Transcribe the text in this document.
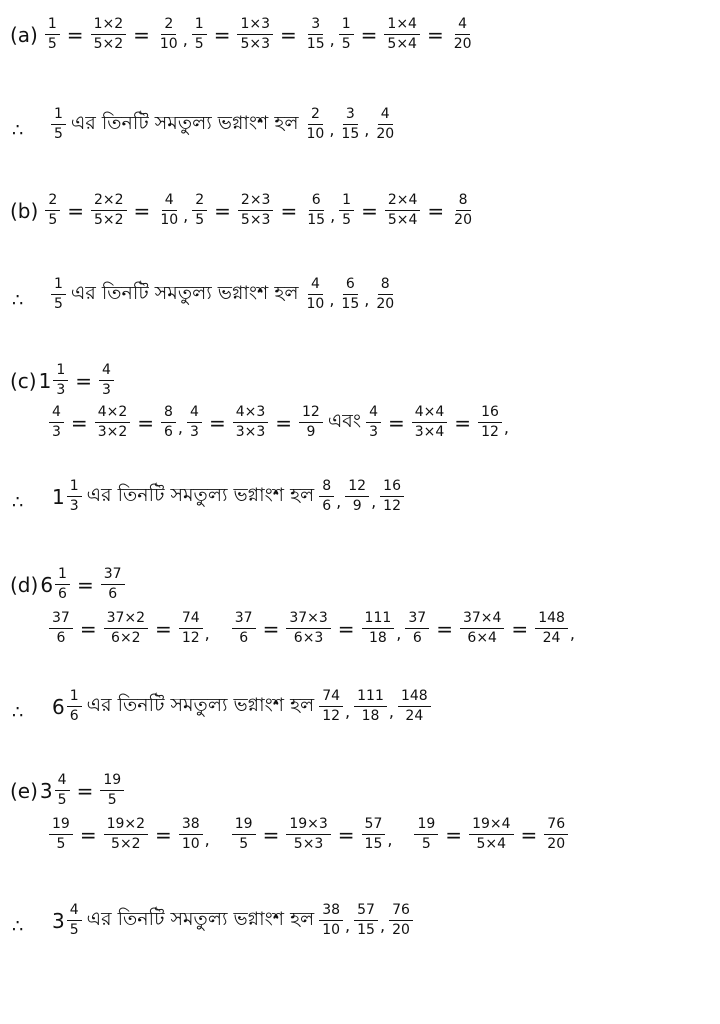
$(a) \frac{1}{5} = \frac{1\times 2}{5\times 2} = \frac{2}{10}$ , $\frac{1}{5} = \frac{1\times 3}{5\times 3} = \frac{3}{15}$ , $\frac{1}{5} = \frac{1\times 4}{5\times 4} = \frac{4}{20}$
∴ $\frac{1}{5}$ এর তিনটি সমতুল্য ভগ্নাংশ হল $\frac{2}{10}$ , $\frac{3}{15}$ , $\frac{4}{20}$
$(b) \frac{2}{5} = \frac{2\times 2}{5\times 2} = \frac{4}{10}$ , $\frac{2}{5} = \frac{2\times 3}{5\times 3} = \frac{6}{15}$ , $\frac{1}{5} = \frac{2\times 4}{5\times 4} = \frac{8}{20}$
∴ $\frac{1}{5}$ এর তিনটি সমতুল্য ভগ্নাংশ হল $\frac{4}{10}$ , $\frac{6}{15}$ , $\frac{8}{20}$
(c) $1 \frac{1}{3} = \frac{4}{3}$
$\frac{4}{3} = \frac{4\times 2}{3\times 2} = \frac{8}{6}$ , $\frac{4}{3} = \frac{4\times 3}{3\times 3} = \frac{12}{9}$ এবং $\frac{4}{3} = \frac{4\times 4}{3\times 4} = \frac{16}{12}$ ,
∴ $1 \frac{1}{3}$ এর তিনটি সমতুল্য ভগ্নাংশ হল $\frac{8}{6}$ , $\frac{12}{9}$ , $\frac{16}{12}$
(d) $6 \frac{1}{6} = \frac{37}{6}$
$\frac{37}{6} = \frac{37\times 2}{6\times 2} = \frac{74}{12}$ , $\frac{37}{6} = \frac{37\times 3}{6\times 3} = \frac{111}{18}$ , $\frac{37}{6} = \frac{37\times 4}{6\times 4} = \frac{148}{24}$ ,
∴ $6 \frac{1}{6}$ এর তিনটি সমতুল্য ভগ্নাংশ হল $\frac{74}{12}$ , $\frac{111}{18}$ , $\frac{148}{24}$
(e) $3 \frac{4}{5} = \frac{19}{5}$
$\frac{19}{5} = \frac{19\times 2}{5\times 2} = \frac{38}{10}$ , $\frac{19}{5} = \frac{19\times 3}{5\times 3} = \frac{57}{15}$ , $\frac{19}{5} = \frac{19\times 4}{5\times 4} = \frac{76}{20}$
∴ $3 \frac{4}{5}$ এর তিনটি সমতুল্য ভগ্নাংশ হল $\frac{38}{10}$ , $\frac{57}{15}$ , $\frac{76}{20}$
